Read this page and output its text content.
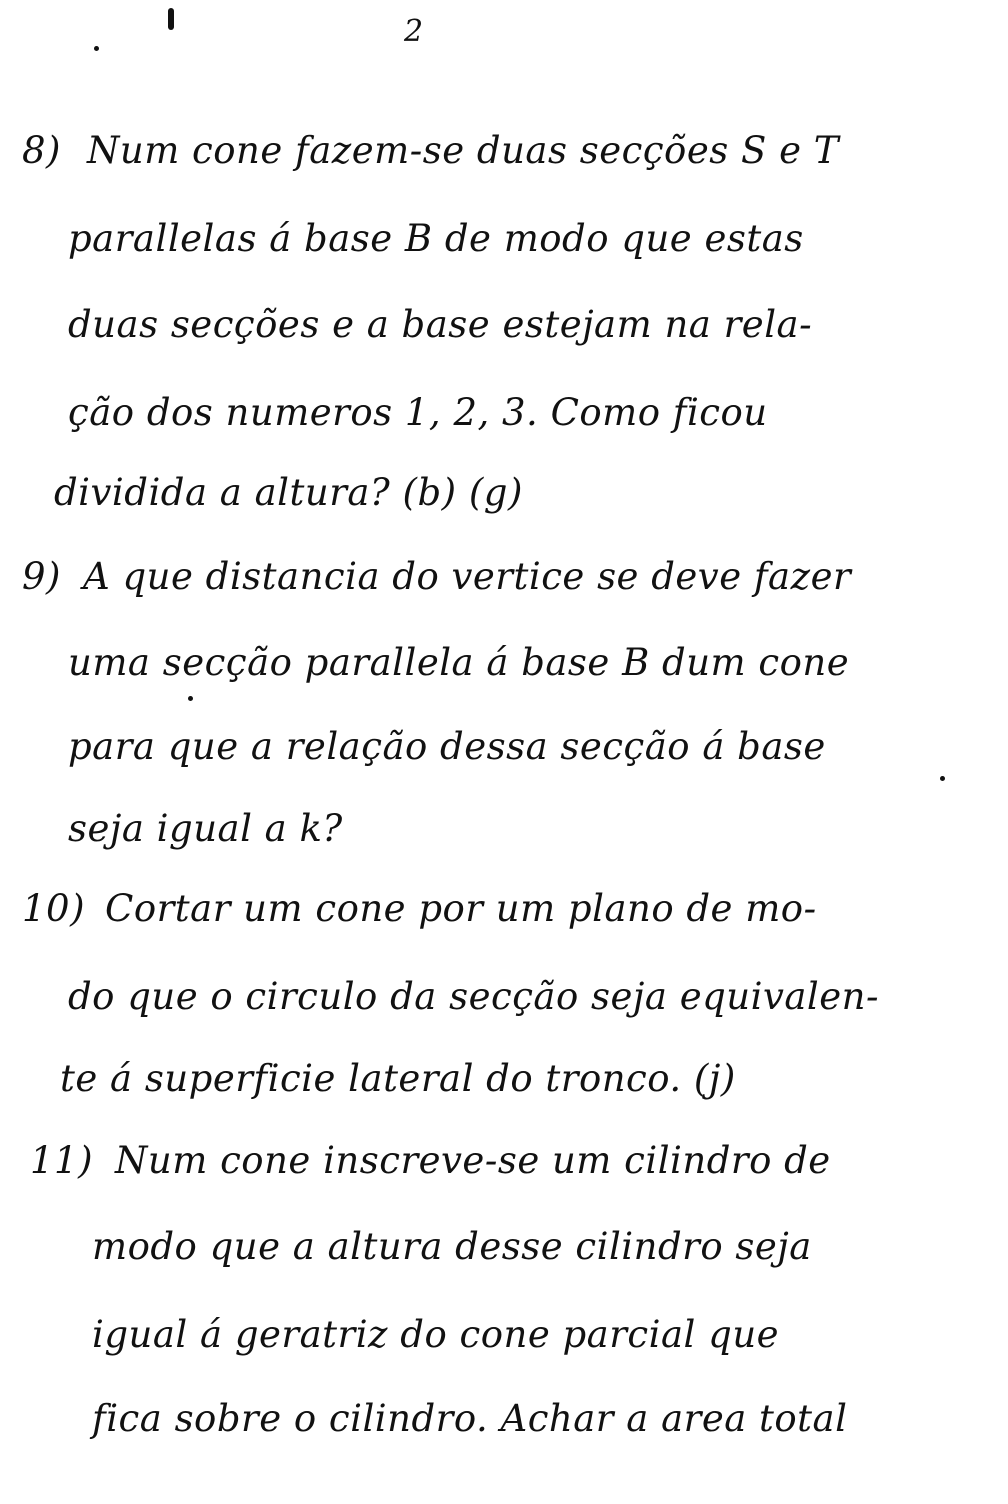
2
8) Num cone fazem-se duas secções S e T
parallelas á base B de modo que estas
duas secções e a base estejam na rela-
ção dos numeros 1, 2, 3. Como ficou
dividida a altura? (b) (g)
9) A que distancia do vertice se deve fazer
uma secção parallela á base B dum cone
para que a relação dessa secção á base
seja igual a k?
10) Cortar um cone por um plano de mo-
do que o circulo da secção seja equivalen-
te á superficie lateral do tronco. (j)
11) Num cone inscreve-se um cilindro de
modo que a altura desse cilindro seja
igual á geratriz do cone parcial que
fica sobre o cilindro. Achar a area total
